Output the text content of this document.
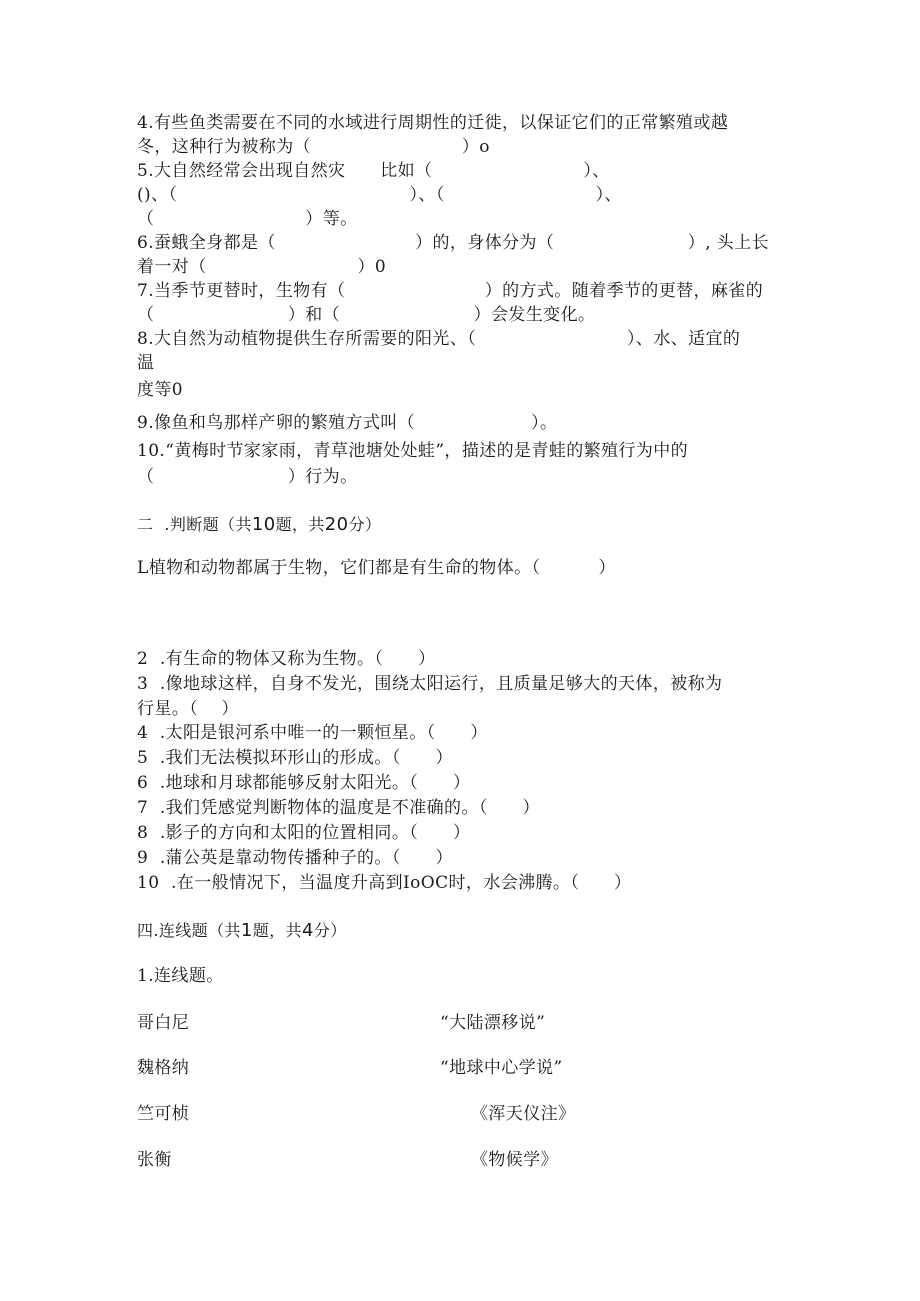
4.有些鱼类需要在不同的水域进行周期性的迁徙，以保证它们的正常繁殖或越

冬，这种行为被称为（                          ）o

5.大自然经常会出现自然灾      比如（                          ）、

()、（                                        ）、（                          ）、

（                          ）等。

6.蚕蛾全身都是（                        ）的，身体分为（                       ）, 头上长

着一对（                          ）0

7.当季节更替时，生物有（                        ）的方式。随着季节的更替，麻雀的

（                       ）和（                       ）会发生变化。

8.大自然为动植物提供生存所需要的阳光、（                          ）、水、适宜的

温

度等0

9.像鱼和鸟那样产卵的繁殖方式叫（                    ）。

10.“黄梅时节家家雨，青草池塘处处蛙”，描述的是青蛙的繁殖行为中的

（                       ）行为。

二  .判断题（共10题，共20分）

L植物和动物都属于生物，它们都是有生命的物体。（          ）

2  .有生命的物体又称为生物。（      ）

3  .像地球这样，自身不发光，围绕太阳运行，且质量足够大的天体，被称为

行星。（    ）

4  .太阳是银河系中唯一的一颗恒星。（      ）

5  .我们无法模拟环形山的形成。（      ）

6  .地球和月球都能够反射太阳光。（      ）

7  .我们凭感觉判断物体的温度是不准确的。（      ）

8  .影子的方向和太阳的位置相同。（      ）

9  .蒲公英是靠动物传播种子的。（      ）

10  .在一般情况下，当温度升高到IoOC时，水会沸腾。（      ）

四.连线题（共1题，共4分）

1.连线题。

哥白尼	“大陆漂移说”

魏格纳	“地球中心学说”

竺可桢	《浑天仪注》

张衡	《物候学》
